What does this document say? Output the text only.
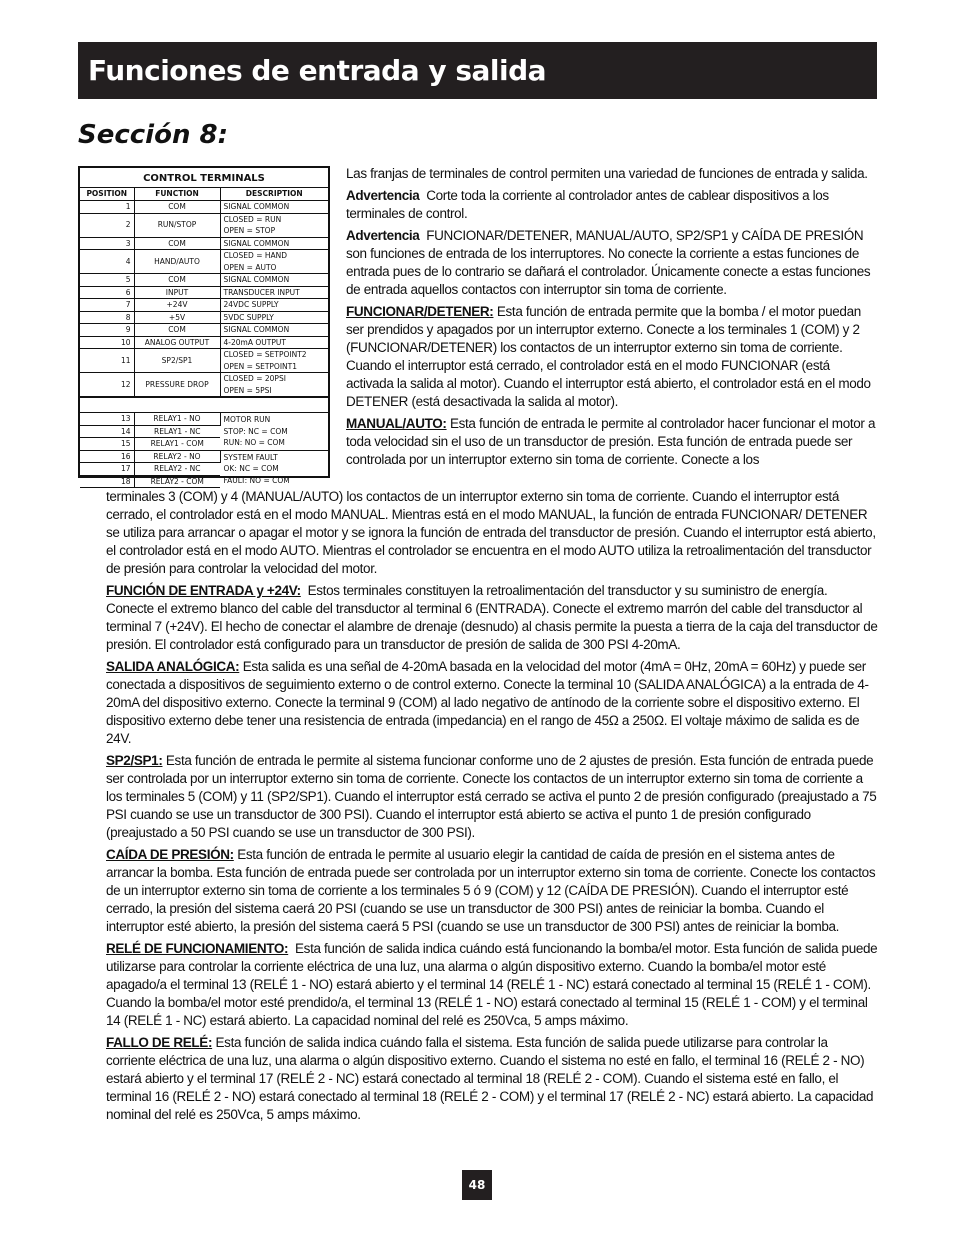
Funciones de entrada y salida
Sección 8:
CONTROL TERMINALS
POSITION	FUNCTION	DESCRIPTION
1	COM	SIGNAL COMMON
2	RUN/STOP	CLOSED = RUN
OPEN = STOP
3	COM	SIGNAL COMMON
4	HAND/AUTO	CLOSED = HAND
OPEN = AUTO
5	COM	SIGNAL COMMON
6	INPUT	TRANSDUCER INPUT
7	+24V	24VDC SUPPLY
8	+5V	5VDC SUPPLY
9	COM	SIGNAL COMMON
10	ANALOG OUTPUT	4-20mA OUTPUT
11	SP2/SP1	CLOSED = SETPOINT2
OPEN = SETPOINT1
12	PRESSURE DROP	CLOSED = 20PSI
OPEN = 5PSI
13	RELAY1 - NO	MOTOR RUN
STOP: NC = COM
RUN: NO = COM
14	RELAY1 - NC	
15	RELAY1 - COM	
16	RELAY2 - NO	SYSTEM FAULT
OK: NC = COM
FAULT: NO = COM
17	RELAY2 - NC	
18	RELAY2 - COM	

Las franjas de terminales de control permiten una variedad de funciones de entrada y salida.

Advertencia Corte toda la corriente al controlador antes de cablear dispositivos a los terminales de control.

Advertencia FUNCIONAR/DETENER, MANUAL/AUTO, SP2/SP1 y CAÍDA DE PRESIÓN son funciones de entrada de los interruptores. No conecte la corriente a estas funciones de entrada pues de lo contrario se dañará el controlador. Únicamente conecte a estas funciones de entrada aquellos contactos con interruptor sin toma de corriente.

FUNCIONAR/DETENER: Esta función de entrada permite que la bomba / el motor puedan ser prendidos y apagados por un interruptor externo. Conecte a los terminales 1 (COM) y 2 (FUNCIONAR/DETENER) los contactos de un interruptor externo sin toma de corriente. Cuando el interruptor está cerrado, el controlador está en el modo FUNCIONAR (está activada la salida al motor). Cuando el interruptor está abierto, el controlador está en el modo DETENER (está desactivada la salida al motor).

MANUAL/AUTO: Esta función de entrada le permite al controlador hacer funcionar el motor a toda velocidad sin el uso de un transductor de presión. Esta función de entrada puede ser controlada por un interruptor externo sin toma de corriente. Conecte a los

terminales 3 (COM) y 4 (MANUAL/AUTO) los contactos de un interruptor externo sin toma de corriente. Cuando el interruptor está cerrado, el controlador está en el modo MANUAL. Mientras está en el modo MANUAL, la función de entrada FUNCIONAR/ DETENER se utiliza para arrancar o apagar el motor y se ignora la función de entrada del transductor de presión. Cuando el interruptor está abierto, el controlador está en el modo AUTO. Mientras el controlador se encuentra en el modo AUTO utiliza la retroalimentación del transductor de presión para controlar la velocidad del motor.

FUNCIÓN DE ENTRADA y +24V: Estos terminales constituyen la retroalimentación del transductor y su suministro de energía. Conecte el extremo blanco del cable del transductor al terminal 6 (ENTRADA). Conecte el extremo marrón del cable del transductor al terminal 7 (+24V). El hecho de conectar el alambre de drenaje (desnudo) al chasis permite la puesta a tierra de la caja del transductor de presión. El controlador está configurado para un transductor de presión de salida de 300 PSI 4-20mA.

SALIDA ANALÓGICA: Esta salida es una señal de 4-20mA basada en la velocidad del motor (4mA = 0Hz, 20mA = 60Hz) y puede ser conectada a dispositivos de seguimiento externo o de control externo. Conecte la terminal 10 (SALIDA ANALÓGICA) a la entrada de 4-20mA del dispositivo externo. Conecte la terminal 9 (COM) al lado negativo de antínodo de la corriente sobre el dispositivo externo. El dispositivo externo debe tener una resistencia de entrada (impedancia) en el rango de 45Ω a 250Ω. El voltaje máximo de salida es de 24V.

SP2/SP1: Esta función de entrada le permite al sistema funcionar conforme uno de 2 ajustes de presión. Esta función de entrada puede ser controlada por un interruptor externo sin toma de corriente. Conecte los contactos de un interruptor externo sin toma de corriente a los terminales 5 (COM) y 11 (SP2/SP1). Cuando el interruptor está cerrado se activa el punto 2 de presión configurado (preajustado a 75 PSI cuando se use un transductor de 300 PSI). Cuando el interruptor está abierto se activa el punto 1 de presión configurado (preajustado a 50 PSI cuando se use un transductor de 300 PSI).

CAÍDA DE PRESIÓN: Esta función de entrada le permite al usuario elegir la cantidad de caída de presión en el sistema antes de arrancar la bomba. Esta función de entrada puede ser controlada por un interruptor externo sin toma de corriente. Conecte los contactos de un interruptor externo sin toma de corriente a los terminales 5 ó 9 (COM) y 12 (CAÍDA DE PRESIÓN). Cuando el interruptor esté cerrado, la presión del sistema caerá 20 PSI (cuando se use un transductor de 300 PSI) antes de reiniciar la bomba. Cuando el interruptor esté abierto, la presión del sistema caerá 5 PSI (cuando se use un transductor de 300 PSI) antes de reiniciar la bomba.

RELÉ DE FUNCIONAMIENTO: Esta función de salida indica cuándo está funcionando la bomba/el motor. Esta función de salida puede utilizarse para controlar la corriente eléctrica de una luz, una alarma o algún dispositivo externo. Cuando la bomba/el motor esté apagado/a el terminal 13 (RELÉ 1 - NO) estará abierto y el terminal 14 (RELÉ 1 - NC) estará conectado al terminal 15 (RELÉ 1 - COM). Cuando la bomba/el motor esté prendido/a, el terminal 13 (RELÉ 1 - NO) estará conectado al terminal 15 (RELÉ 1 - COM) y el terminal 14 (RELÉ 1 - NC) estará abierto. La capacidad nominal del relé es 250Vca, 5 amps máximo.

FALLO DE RELÉ: Esta función de salida indica cuándo falla el sistema. Esta función de salida puede utilizarse para controlar la corriente eléctrica de una luz, una alarma o algún dispositivo externo. Cuando el sistema no esté en fallo, el terminal 16 (RELÉ 2 - NO) estará abierto y el terminal 17 (RELÉ 2 - NC) estará conectado al terminal 18 (RELÉ 2 - COM). Cuando el sistema esté en fallo, el terminal 16 (RELÉ 2 - NO) estará conectado al terminal 18 (RELÉ 2 - COM) y el terminal 17 (RELÉ 2 - NC) estará abierto. La capacidad nominal del relé es 250Vca, 5 amps máximo.

48
